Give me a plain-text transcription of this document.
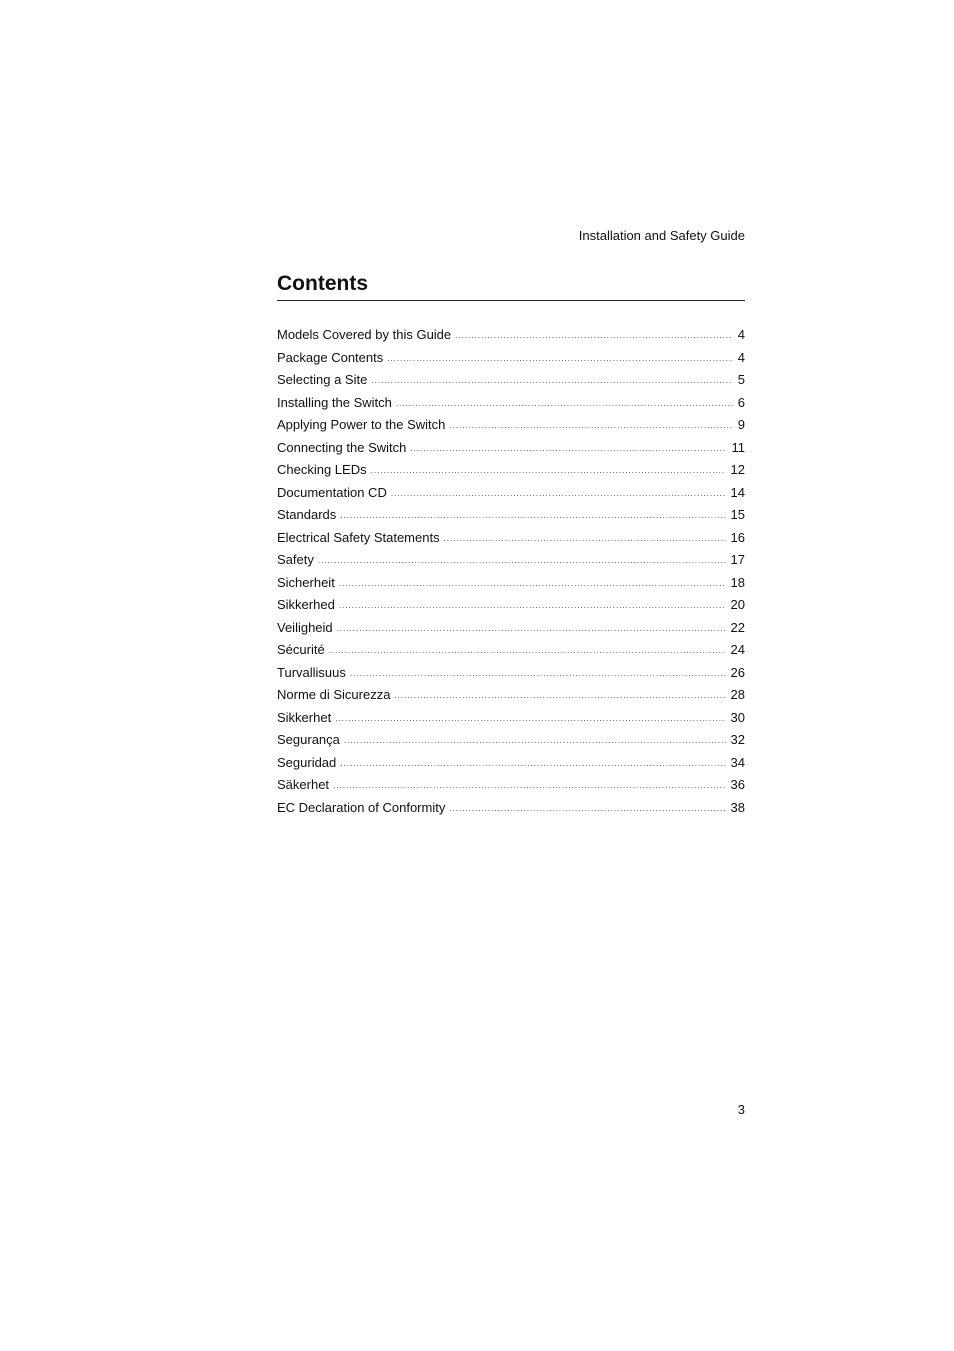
Installation and Safety Guide
Contents
Models Covered by this Guide .....	4
Package Contents .....	4
Selecting a Site .....	5
Installing the Switch .....	6
Applying Power to the Switch .....	9
Connecting the Switch .....	11
Checking LEDs .....	12
Documentation CD .....	14
Standards .....	15
Electrical Safety Statements .....	16
Safety .....	17
Sicherheit .....	18
Sikkerhed .....	20
Veiligheid .....	22
Sécurité .....	24
Turvallisuus .....	26
Norme di Sicurezza .....	28
Sikkerhet .....	30
Segurança .....	32
Seguridad .....	34
Säkerhet .....	36
EC Declaration of Conformity .....	38
3
